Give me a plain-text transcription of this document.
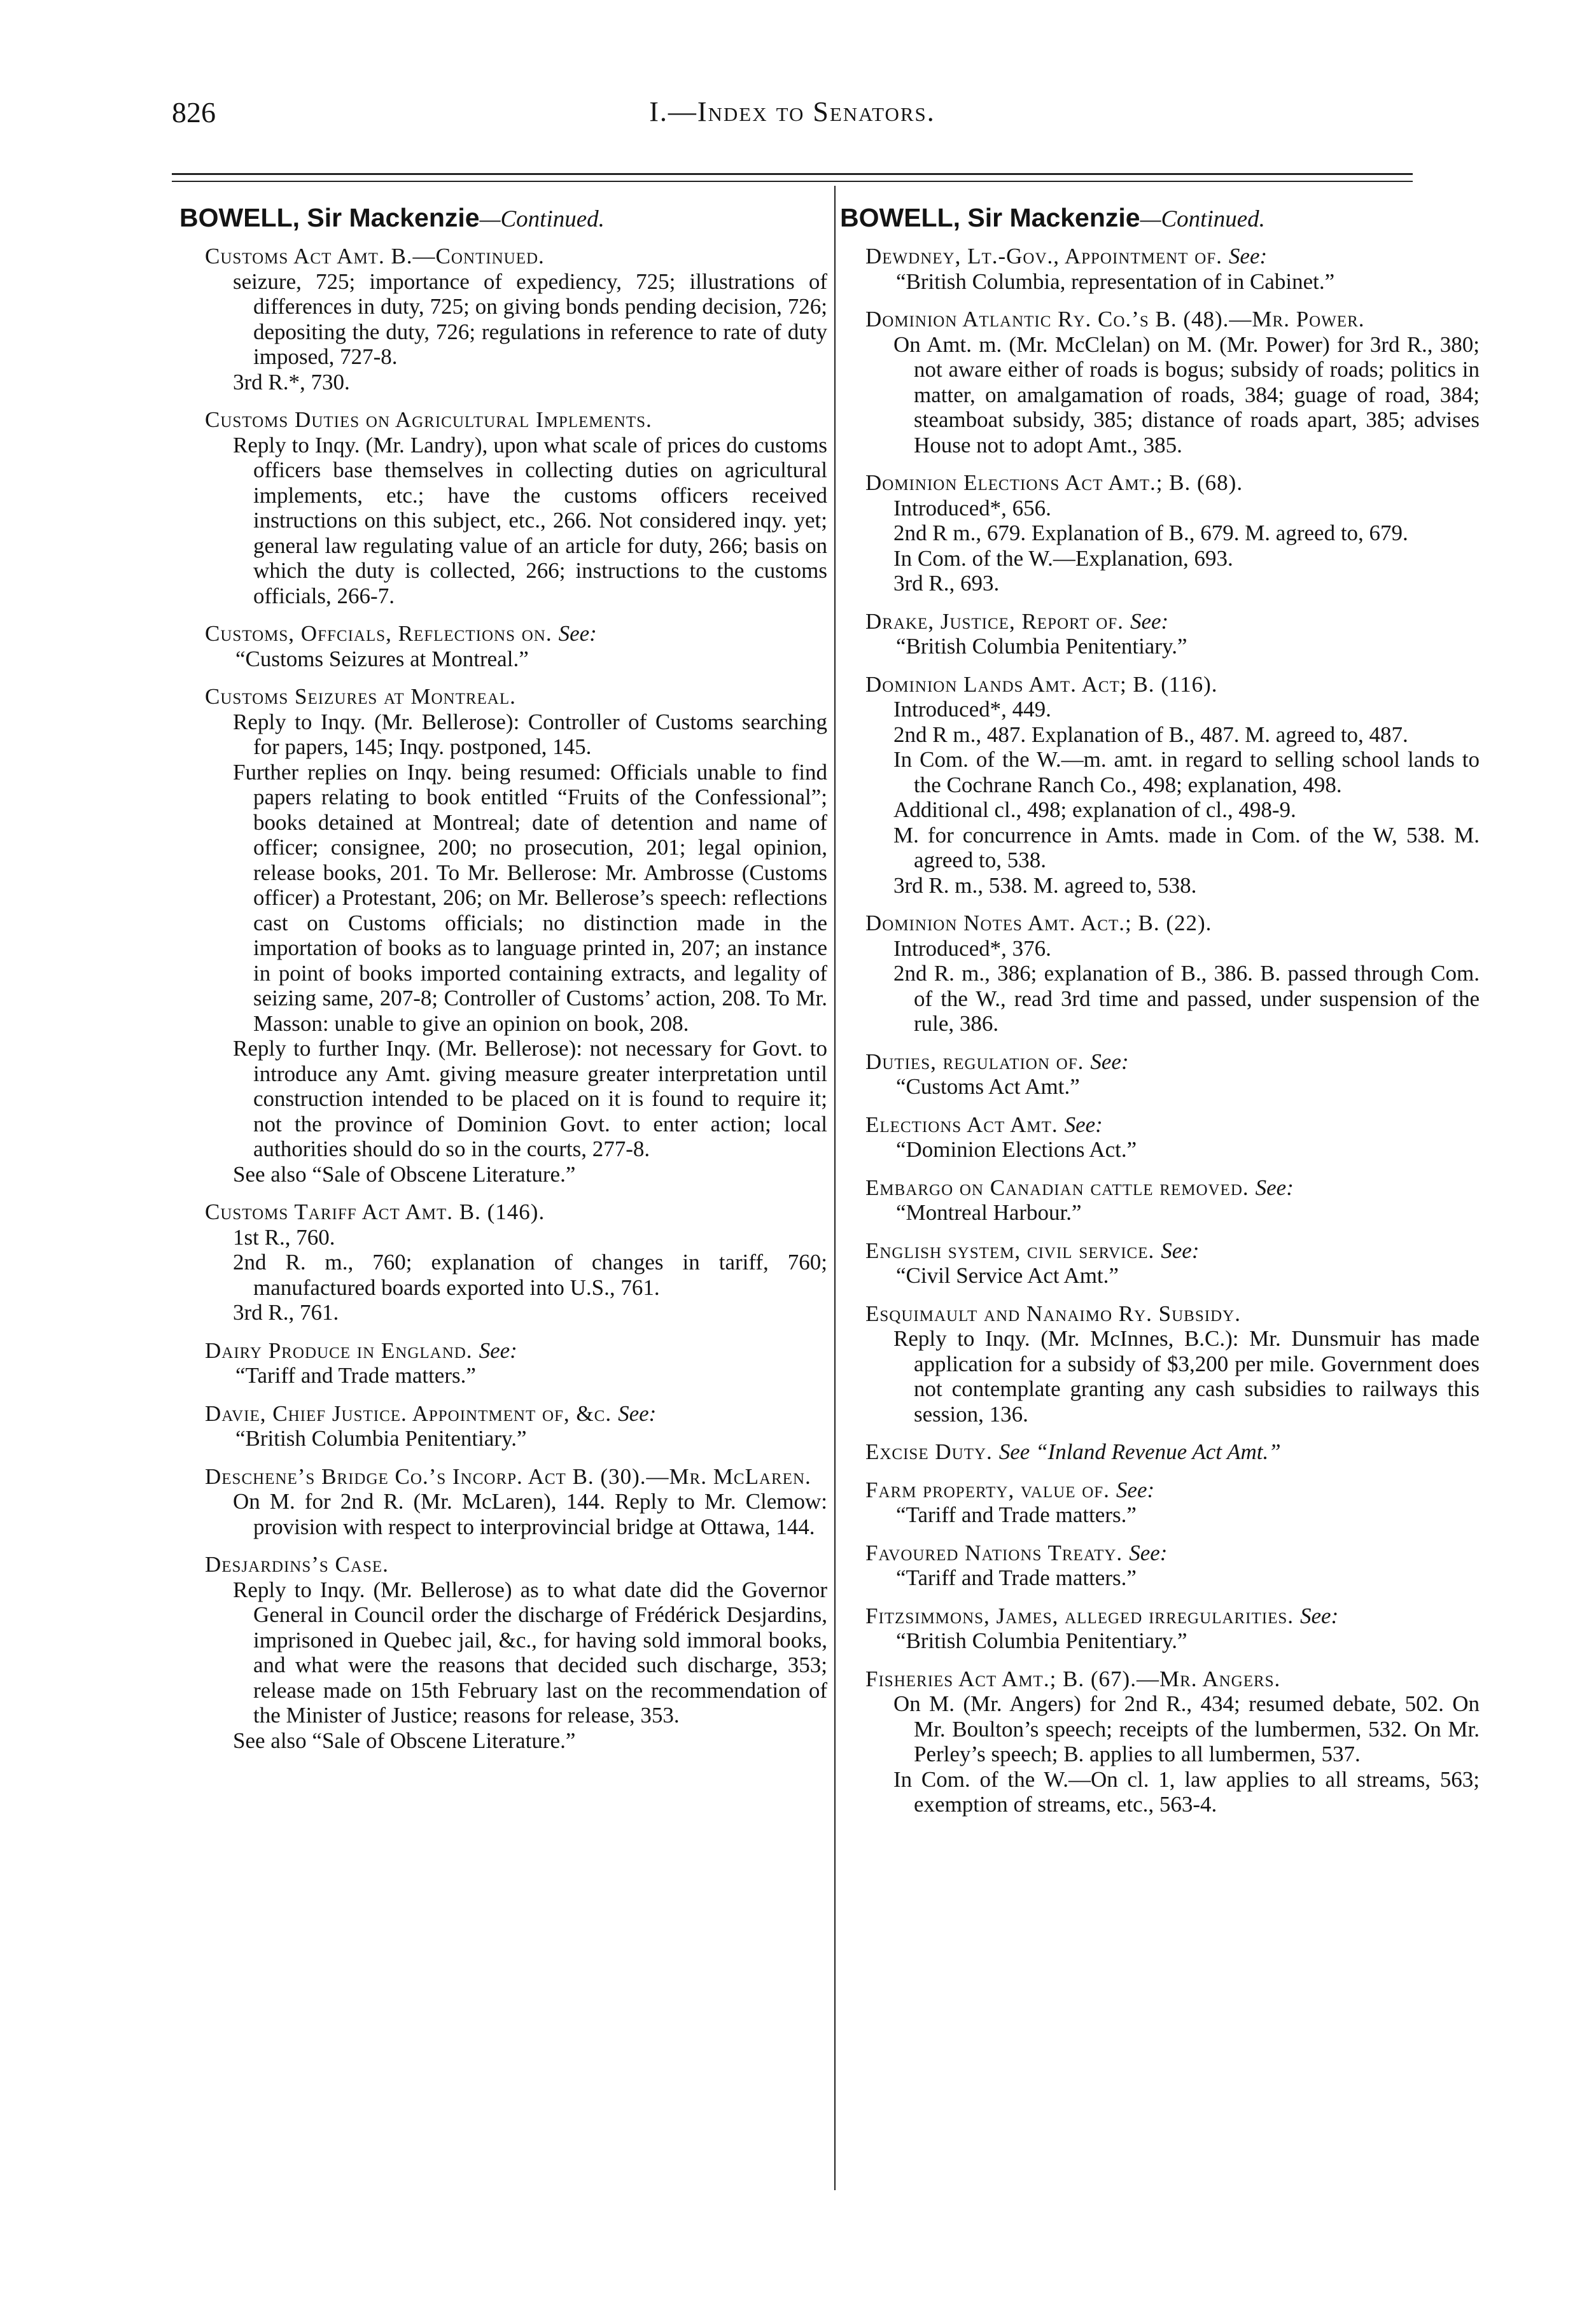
826	I.—Index to Senators.
BOWELL, Sir Mackenzie—Continued.

Customs Act Amt. B.—Continued.

seizure, 725; importance of expediency, 725; illustrations of differences in duty, 725; on giving bonds pending decision, 726; depositing the duty, 726; regulations in reference to rate of duty imposed, 727-8.

3rd R.*, 730.

Customs Duties on Agricultural Implements.

Reply to Inqy. (Mr. Landry), upon what scale of prices do customs officers base themselves in collecting duties on agricultural implements, etc.; have the customs officers received instructions on this subject, etc., 266. Not considered inqy. yet; general law regulating value of an article for duty, 266; basis on which the duty is collected, 266; instructions to the customs officials, 266-7.

Customs, Offcials, Reflections on. See:

“Customs Seizures at Montreal.”

Customs Seizures at Montreal.

Reply to Inqy. (Mr. Bellerose): Controller of Customs searching for papers, 145; Inqy. postponed, 145.

Further replies on Inqy. being resumed: Officials unable to find papers relating to book entitled “Fruits of the Confessional”; books detained at Montreal; date of detention and name of officer; consignee, 200; no prosecution, 201; legal opinion, release books, 201. To Mr. Bellerose: Mr. Ambrosse (Customs officer) a Protestant, 206; on Mr. Bellerose’s speech: reflections cast on Customs officials; no distinction made in the importation of books as to language printed in, 207; an instance in point of books imported containing extracts, and legality of seizing same, 207-8; Controller of Customs’ action, 208. To Mr. Masson: unable to give an opinion on book, 208.

Reply to further Inqy. (Mr. Bellerose): not necessary for Govt. to introduce any Amt. giving measure greater interpretation until construction intended to be placed on it is found to require it; not the province of Dominion Govt. to enter action; local authorities should do so in the courts, 277-8.

See also “Sale of Obscene Literature.”

Customs Tariff Act Amt. B. (146).

1st R., 760.

2nd R. m., 760; explanation of changes in tariff, 760; manufactured boards exported into U.S., 761.

3rd R., 761.

Dairy Produce in England. See:

“Tariff and Trade matters.”

Davie, Chief Justice. Appointment of, &c. See:

“British Columbia Penitentiary.”

Deschene’s Bridge Co.’s Incorp. Act B. (30).—Mr. McLaren.

On M. for 2nd R. (Mr. McLaren), 144. Reply to Mr. Clemow: provision with respect to interprovincial bridge at Ottawa, 144.

Desjardins’s Case.

Reply to Inqy. (Mr. Bellerose) as to what date did the Governor General in Council order the discharge of Frédérick Desjardins, imprisoned in Quebec jail, &c., for having sold immoral books, and what were the reasons that decided such discharge, 353; release made on 15th February last on the recommendation of the Minister of Justice; reasons for release, 353.

See also “Sale of Obscene Literature.”

BOWELL, Sir Mackenzie—Continued.

Dewdney, Lt.-Gov., Appointment of. See:

“British Columbia, representation of in Cabinet.”

Dominion Atlantic Ry. Co.’s B. (48).—Mr. Power.

On Amt. m. (Mr. McClelan) on M. (Mr. Power) for 3rd R., 380; not aware either of roads is bogus; subsidy of roads; politics in matter, on amalgamation of roads, 384; guage of road, 384; steamboat subsidy, 385; distance of roads apart, 385; advises House not to adopt Amt., 385.

Dominion Elections Act Amt.; B. (68).

Introduced*, 656.

2nd R m., 679. Explanation of B., 679. M. agreed to, 679.

In Com. of the W.—Explanation, 693.

3rd R., 693.

Drake, Justice, Report of. See:

“British Columbia Penitentiary.”

Dominion Lands Amt. Act; B. (116).

Introduced*, 449.

2nd R m., 487. Explanation of B., 487. M. agreed to, 487.

In Com. of the W.—m. amt. in regard to selling school lands to the Cochrane Ranch Co., 498; explanation, 498.

Additional cl., 498; explanation of cl., 498-9.

M. for concurrence in Amts. made in Com. of the W, 538. M. agreed to, 538.

3rd R. m., 538. M. agreed to, 538.

Dominion Notes Amt. Act.; B. (22).

Introduced*, 376.

2nd R. m., 386; explanation of B., 386. B. passed through Com. of the W., read 3rd time and passed, under suspension of the rule, 386.

Duties, regulation of. See:

“Customs Act Amt.”

Elections Act Amt. See:

“Dominion Elections Act.”

Embargo on Canadian cattle removed. See:

“Montreal Harbour.”

English system, civil service. See:

“Civil Service Act Amt.”

Esquimault and Nanaimo Ry. Subsidy.

Reply to Inqy. (Mr. McInnes, B.C.): Mr. Dunsmuir has made application for a subsidy of $3,200 per mile. Government does not contemplate granting any cash subsidies to railways this session, 136.

Excise Duty. See “Inland Revenue Act Amt.”

Farm property, value of. See:

“Tariff and Trade matters.”

Favoured Nations Treaty. See:

“Tariff and Trade matters.”

Fitzsimmons, James, alleged irregularities. See:

“British Columbia Penitentiary.”

Fisheries Act Amt.; B. (67).—Mr. Angers.

On M. (Mr. Angers) for 2nd R., 434; resumed debate, 502. On Mr. Boulton’s speech; receipts of the lumbermen, 532. On Mr. Perley’s speech; B. applies to all lumbermen, 537.

In Com. of the W.—On cl. 1, law applies to all streams, 563; exemption of streams, etc., 563-4.
